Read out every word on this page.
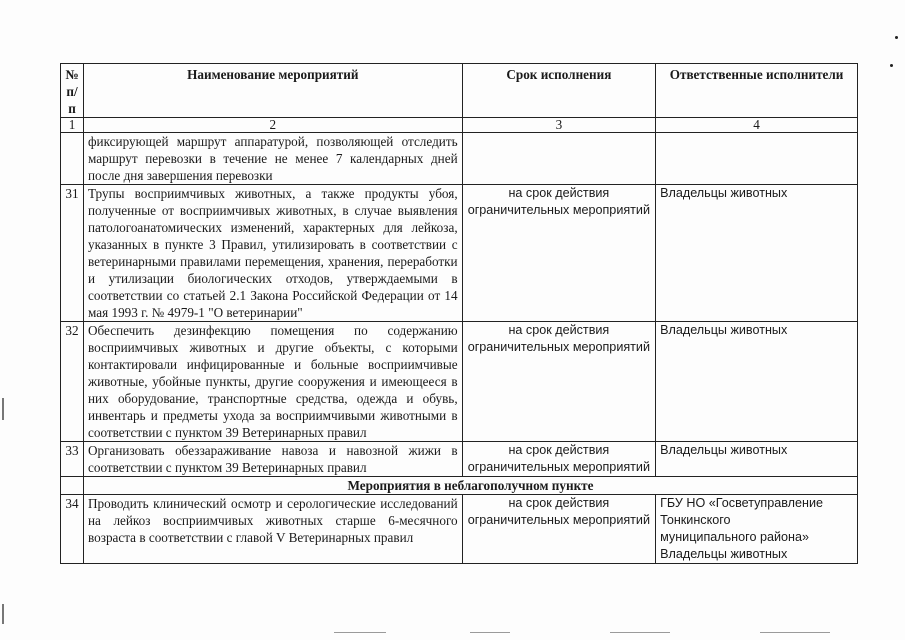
№ п/п	Наименование мероприятий	Срок исполнения	Ответственные исполнители
1	2	3	4
	фиксирующей маршрут аппаратурой, позволяющей отследить маршрут перевозки в течение не менее 7 календарных дней после дня завершения перевозки		
31	Трупы восприимчивых животных, а также продукты убоя, полученные от восприимчивых животных, в случае выявления патологоанатомических изменений, характерных для лейкоза, указанных в пункте 3 Правил, утилизировать в соответствии с ветеринарными правилами перемещения, хранения, переработки и утилизации биологических отходов, утверждаемыми в соответствии со статьей 2.1 Закона Российской Федерации от 14 мая 1993 г. № 4979-1 "О ветеринарии"	на срок действия ограничительных мероприятий	Владельцы животных
32	Обеспечить дезинфекцию помещения по содержанию восприимчивых животных и другие объекты, с которыми контактировали инфицированные и больные восприимчивые животные, убойные пункты, другие сооружения и имеющееся в них оборудование, транспортные средства, одежда и обувь, инвентарь и предметы ухода за восприимчивыми животными в соответствии с пунктом 39 Ветеринарных правил	на срок действия ограничительных мероприятий	Владельцы животных
33	Организовать обеззараживание навоза и навозной жижи в соответствии с пунктом 39 Ветеринарных правил	на срок действия ограничительных мероприятий	Владельцы животных
	Мероприятия в неблагополучном пункте		
34	Проводить клинический осмотр и серологические исследований на лейкоз восприимчивых животных старше 6-месячного возраста в соответствии с главой V Ветеринарных правил	на срок действия ограничительных мероприятий	ГБУ НО «Госветуправление
Тонкинского
муниципального района»
Владельцы животных
